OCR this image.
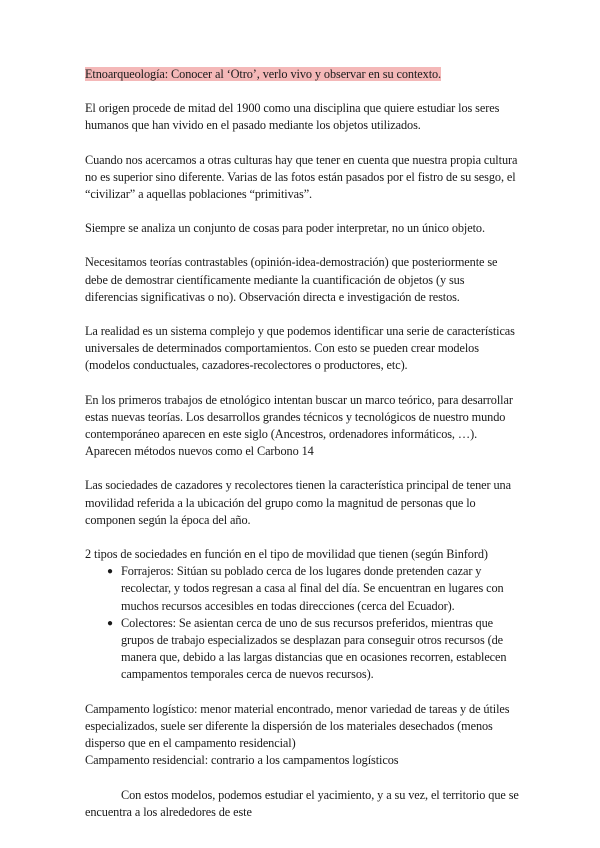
Etnoarqueología: Conocer al ‘Otro’, verlo vivo y observar en su contexto.

El origen procede de mitad del 1900 como una disciplina que quiere estudiar los seres humanos que han vivido en el pasado mediante los objetos utilizados.

Cuando nos acercamos a otras culturas hay que tener en cuenta que nuestra propia cultura no es superior sino diferente. Varias de las fotos están pasados por el fistro de su sesgo, el “civilizar” a aquellas poblaciones “primitivas”.

Siempre se analiza un conjunto de cosas para poder interpretar, no un único objeto.

Necesitamos teorías contrastables (opinión-idea-demostración) que posteriormente se debe de demostrar científicamente mediante la cuantificación de objetos (y sus diferencias significativas o no). Observación directa e investigación de restos.

La realidad es un sistema complejo y que podemos identificar una serie de características universales de determinados comportamientos. Con esto se pueden crear modelos (modelos conductuales, cazadores-recolectores o productores, etc).

En los primeros trabajos de etnológico intentan buscar un marco teórico, para desarrollar estas nuevas teorías. Los desarrollos grandes técnicos y tecnológicos de nuestro mundo contemporáneo aparecen en este siglo (Ancestros, ordenadores informáticos, …). Aparecen métodos nuevos como el Carbono 14

Las sociedades de cazadores y recolectores tienen la característica principal de tener una movilidad referida a la ubicación del grupo como la magnitud de personas que lo componen según la época del año.

2 tipos de sociedades en función en el tipo de movilidad que tienen (según Binford)

● Forrajeros: Sitúan su poblado cerca de los lugares donde pretenden cazar y recolectar, y todos regresan a casa al final del día. Se encuentran en lugares con muchos recursos accesibles en todas direcciones (cerca del Ecuador).
● Colectores: Se asientan cerca de uno de sus recursos preferidos, mientras que grupos de trabajo especializados se desplazan para conseguir otros recursos (de manera que, debido a las largas distancias que en ocasiones recorren, establecen campamentos temporales cerca de nuevos recursos).

Campamento logístico: menor material encontrado, menor variedad de tareas y de útiles especializados, suele ser diferente la dispersión de los materiales desechados (menos disperso que en el campamento residencial)

Campamento residencial: contrario a los campamentos logísticos

Con estos modelos, podemos estudiar el yacimiento, y a su vez, el territorio que se encuentra a los alrededores de este
